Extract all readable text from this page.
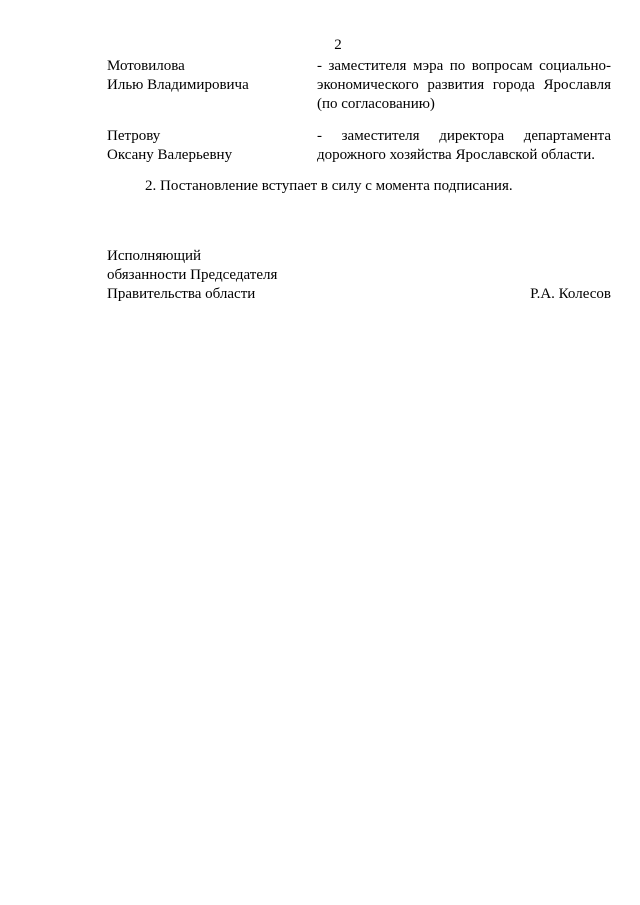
2
Мотовилова
Илью Владимировича
- заместителя мэра по вопросам социально-
экономического развития города Ярославля
(по согласованию)
Петрову
Оксану Валерьевну
- заместителя директора департамента
дорожного хозяйства Ярославской области.
2. Постановление вступает в силу с момента подписания.
Исполняющий
обязанности Председателя
Правительства области	Р.А. Колесов
